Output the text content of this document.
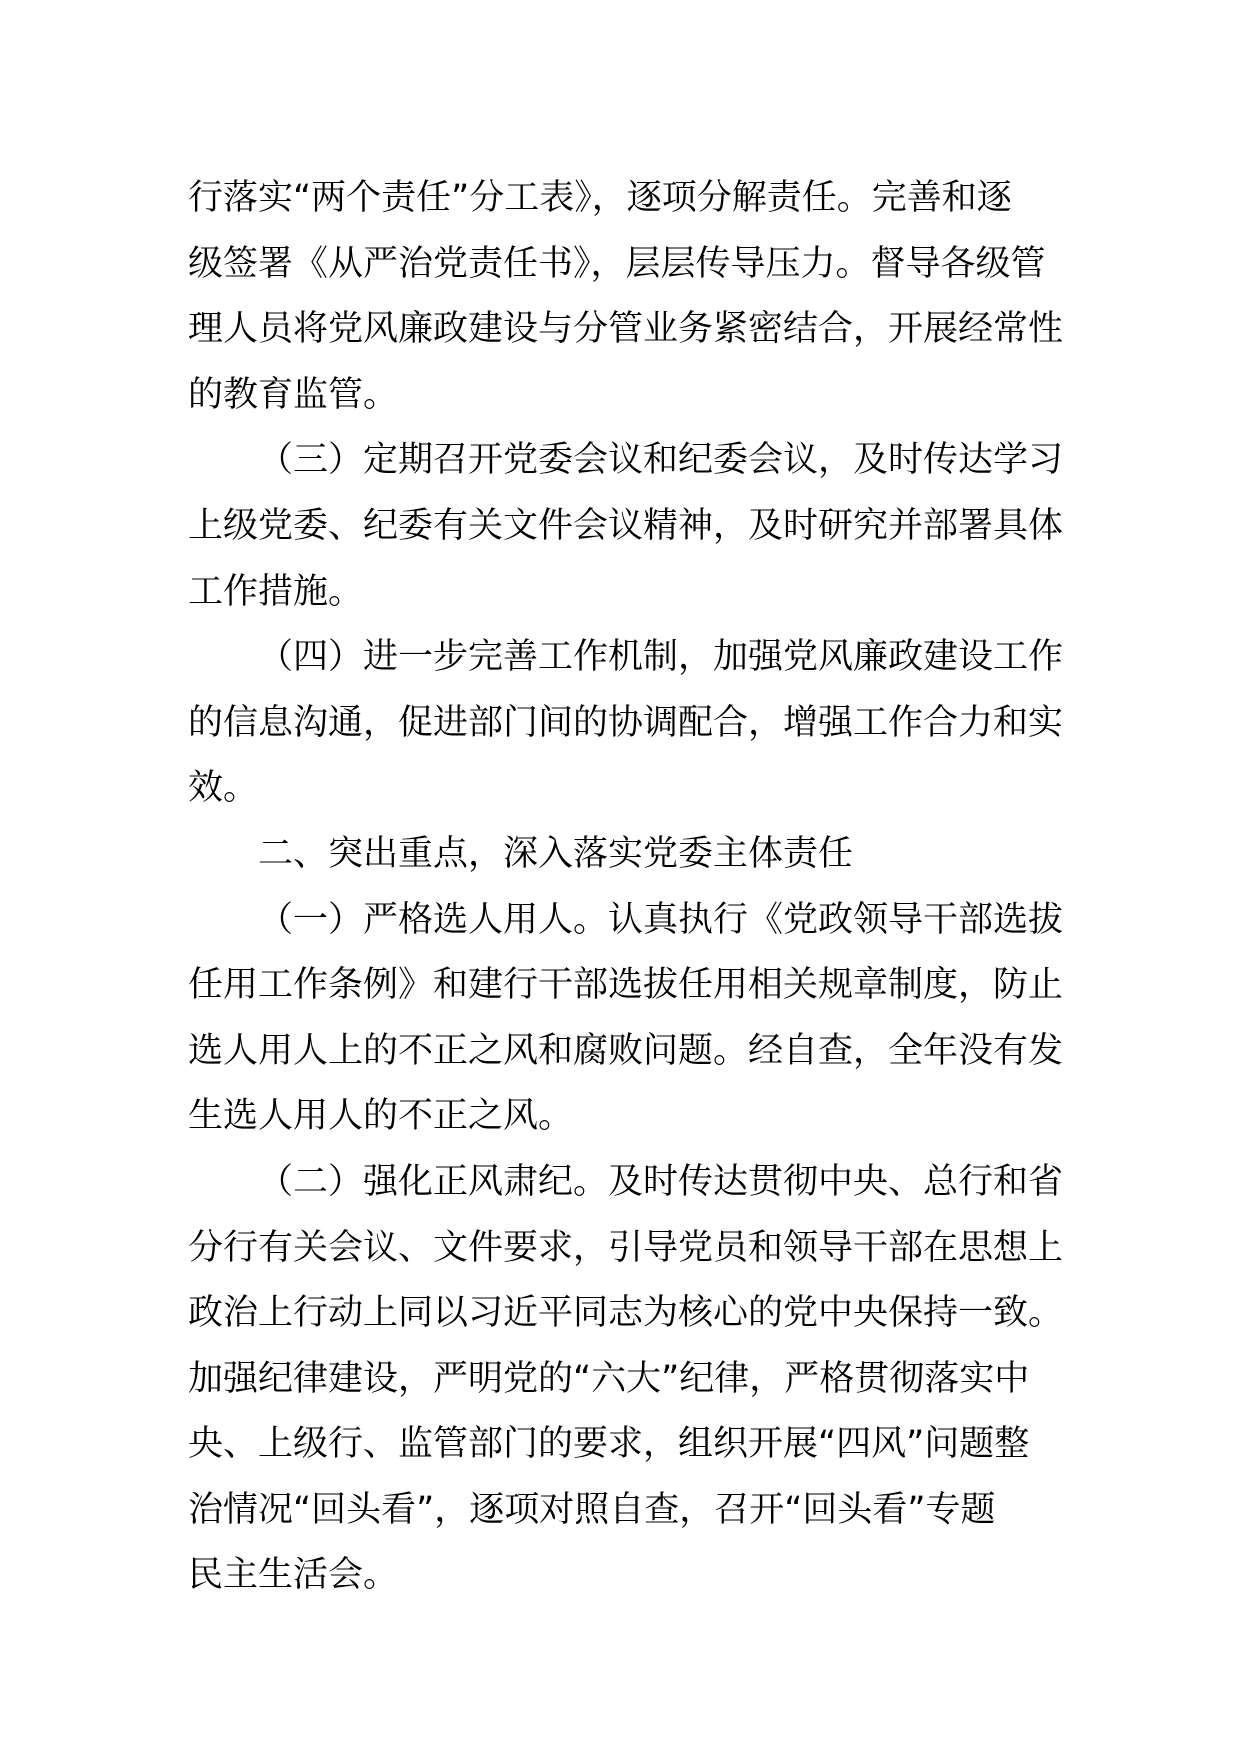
行落实“两个责任”分工表》，逐项分解责任。完善和逐
级签署《从严治党责任书》，层层传导压力。督导各级管
理人员将党风廉政建设与分管业务紧密结合，开展经常性
的教育监管。
（三）定期召开党委会议和纪委会议，及时传达学习
上级党委、纪委有关文件会议精神，及时研究并部署具体
工作措施。
（四）进一步完善工作机制，加强党风廉政建设工作
的信息沟通，促进部门间的协调配合，增强工作合力和实
效。
二、突出重点，深入落实党委主体责任
（一）严格选人用人。认真执行《党政领导干部选拔
任用工作条例》和建行干部选拔任用相关规章制度，防止
选人用人上的不正之风和腐败问题。经自查，全年没有发
生选人用人的不正之风。
（二）强化正风肃纪。及时传达贯彻中央、总行和省
分行有关会议、文件要求，引导党员和领导干部在思想上
政治上行动上同以习近平同志为核心的党中央保持一致。
加强纪律建设，严明党的“六大”纪律，严格贯彻落实中
央、上级行、监管部门的要求，组织开展“四风”问题整
治情况“回头看”，逐项对照自查，召开“回头看”专题
民主生活会。
